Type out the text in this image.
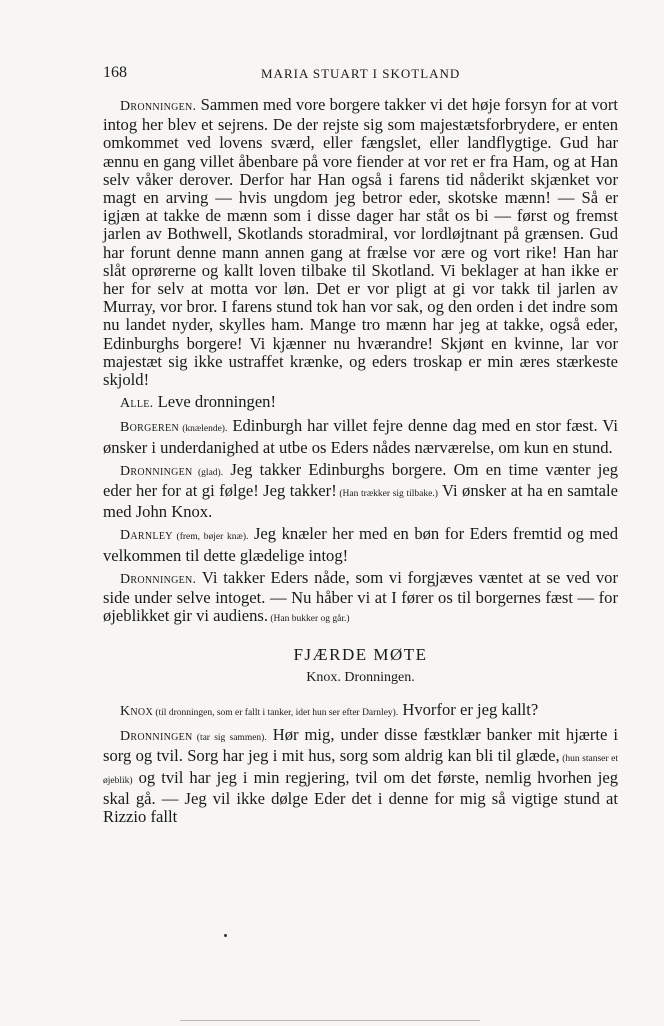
168	MARIA STUART I SKOTLAND

Dronningen. Sammen med vore borgere takker vi det høje forsyn for at vort intog her blev et sejrens. De der rejste sig som majestætsforbrydere, er enten omkommet ved lovens sværd, eller fængslet, eller landflygtige. Gud har ænnu en gang villet åbenbare på vore fiender at vor ret er fra Ham, og at Han selv våker derover. Derfor har Han også i farens tid nåderikt skjænket vor magt en arving — hvis ungdom jeg betror eder, skotske mænn! — Så er igjæn at takke de mænn som i disse dager har ståt os bi — først og fremst jarlen av Bothwell, Skotlands storadmiral, vor lordløjtnant på grænsen. Gud har forunt denne mann annen gang at frælse vor ære og vort rike! Han har slåt oprørerne og kallt loven tilbake til Skotland. Vi beklager at han ikke er her for selv at motta vor løn. Det er vor pligt at gi vor takk til jarlen av Murray, vor bror. I farens stund tok han vor sak, og den orden i det indre som nu landet nyder, skylles ham. Mange tro mænn har jeg at takke, også eder, Edinburghs borgere! Vi kjænner nu hværandre! Skjønt en kvinne, lar vor majestæt sig ikke ustraffet krænke, og eders troskap er min æres stærkeste skjold!

Alle. Leve dronningen!

Borgeren (knælende). Edinburgh har villet fejre denne dag med en stor fæst. Vi ønsker i underdanighed at utbe os Eders nådes nærværelse, om kun en stund.

Dronningen (glad). Jeg takker Edinburghs borgere. Om en time vænter jeg eder her for at gi følge! Jeg takker! (Han trækker sig tilbake.) Vi ønsker at ha en samtale med John Knox.

Darnley (frem, bøjer knæ). Jeg knæler her med en bøn for Eders fremtid og med velkommen til dette glædelige intog!

Dronningen. Vi takker Eders nåde, som vi forgjæves væntet at se ved vor side under selve intoget. — Nu håber vi at I fører os til borgernes fæst — for øjeblikket gir vi audiens. (Han bukker og går.)

FJÆRDE MØTE
Knox. Dronningen.

Knox (til dronningen, som er fallt i tanker, idet hun ser efter Darnley). Hvorfor er jeg kallt?

Dronningen (tar sig sammen). Hør mig, under disse fæstklær banker mit hjærte i sorg og tvil. Sorg har jeg i mit hus, sorg som aldrig kan bli til glæde, (hun stanser et øjeblik) og tvil har jeg i min regjering, tvil om det første, nemlig hvorhen jeg skal gå. — Jeg vil ikke dølge Eder det i denne for mig så vigtige stund at Rizzio fallt
